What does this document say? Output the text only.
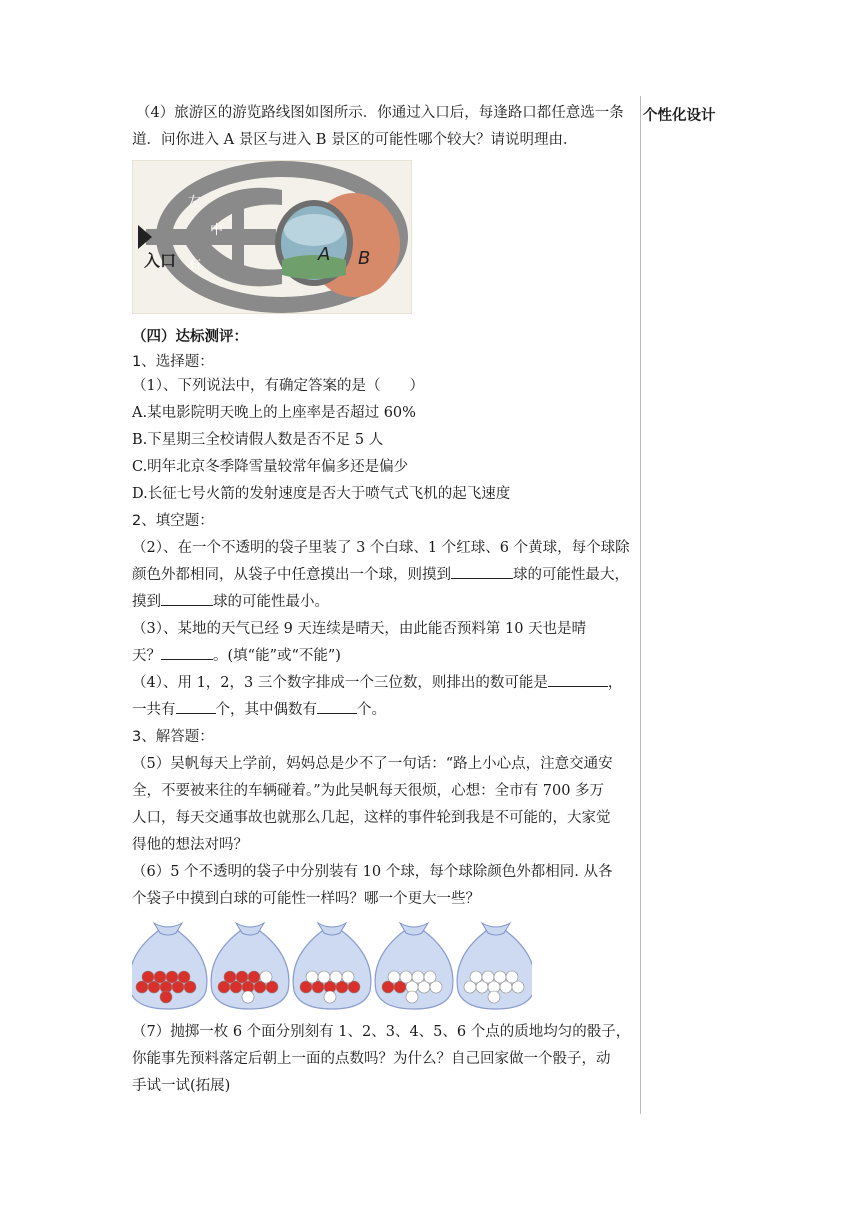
个性化设计

（4）旅游区的游览路线图如图所示．你通过入口后，每逢路口都任意选一条

道．问你进入 A 景区与进入 B 景区的可能性哪个较大？请说明理由．

入口
左
中
右	A B

（四）达标测评：

1、选择题：

（1）、下列说法中，有确定答案的是（　　）

A.某电影院明天晚上的上座率是否超过 60%

B.下星期三全校请假人数是否不足 5 人

C.明年北京冬季降雪量较常年偏多还是偏少

D.长征七号火箭的发射速度是否大于喷气式飞机的起飞速度

2、填空题：

（2）、在一个不透明的袋子里装了 3 个白球、1 个红球、6 个黄球，每个球除

颜色外都相同，从袋子中任意摸出一个球，则摸到	球的可能性最大，

摸到	球的可能性最小。

（3）、某地的天气已经 9 天连续是晴天，由此能否预料第 10 天也是晴

天？	。(填“能”或“不能”)

（4）、用 1，2，3 三个数字排成一个三位数，则排出的数可能是	，

一共有	个，其中偶数有	个。

3、解答题：

（5）吴帆每天上学前，妈妈总是少不了一句话：“路上小心点，注意交通安

全，不要被来往的车辆碰着。”为此吴帆每天很烦，心想：全市有 700 多万

人口，每天交通事故也就那么几起，这样的事件轮到我是不可能的，大家觉

得他的想法对吗？

（6）5 个不透明的袋子中分别装有 10 个球，每个球除颜色外都相同. 从各

个袋子中摸到白球的可能性一样吗？哪一个更大一些？

（7）抛掷一枚 6 个面分别刻有 1、2、3、4、5、6 个点的质地均匀的骰子，

你能事先预料落定后朝上一面的点数吗？为什么？自己回家做一个骰子，动

手试一试(拓展)
